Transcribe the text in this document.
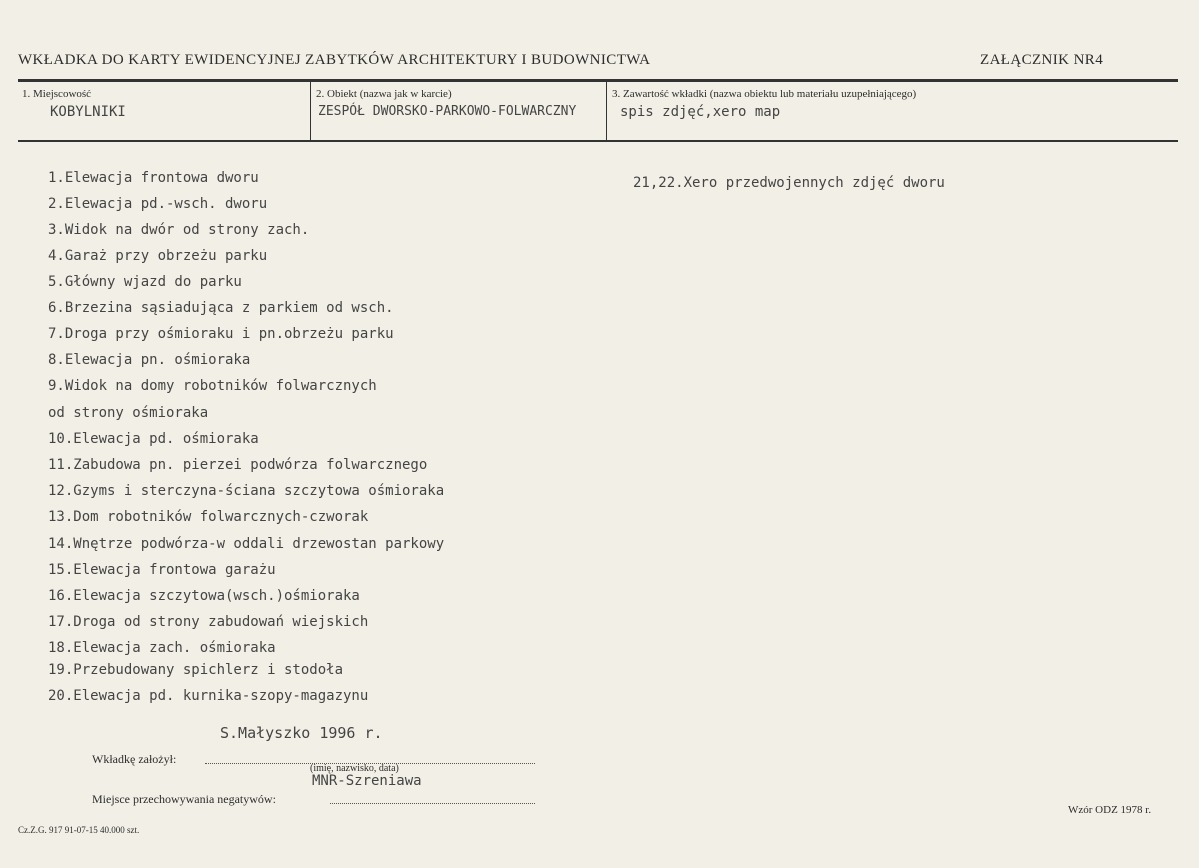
WKŁADKA DO KARTY EWIDENCYJNEJ ZABYTKÓW ARCHITEKTURY I BUDOWNICTWA	ZAŁĄCZNIK NR4
1. Miejscowość
KOBYLNIKI
2. Obiekt (nazwa jak w karcie)
ZESPÓŁ DWORSKO-PARKOWO-FOLWARCZNY
3. Zawartość wkładki (nazwa obiektu lub materiału uzupełniającego)
spis zdjęć,xero map
1.Elewacja frontowa dworu
2.Elewacja pd.-wsch. dworu
3.Widok na dwór od strony zach.
4.Garaż przy obrzeżu parku
5.Główny wjazd do parku
6.Brzezina sąsiadująca z parkiem od wsch.
7.Droga przy ośmioraku i pn.obrzeżu parku
8.Elewacja pn. ośmioraka
9.Widok na domy robotników folwarcznych
od strony ośmioraka
10.Elewacja pd. ośmioraka
11.Zabudowa pn. pierzei podwórza folwarcznego
12.Gzyms i sterczyna-ściana szczytowa ośmioraka
13.Dom robotników folwarcznych-czworak
14.Wnętrze podwórza-w oddali drzewostan parkowy
15.Elewacja frontowa garażu
16.Elewacja szczytowa(wsch.)ośmioraka
17.Droga od strony zabudowań wiejskich
18.Elewacja zach. ośmioraka
19.Przebudowany spichlerz i stodoła
20.Elewacja pd. kurnika-szopy-magazynu
21,22.Xero przedwojennych zdjęć dworu
S.Małyszko 1996 r.
Wkładkę założył:
(imię, nazwisko, data)
MNR-Szreniawa
Miejsce przechowywania negatywów:
Cz.Z.G. 917 91-07-15 40.000 szt.
Wzór ODZ 1978 r.
